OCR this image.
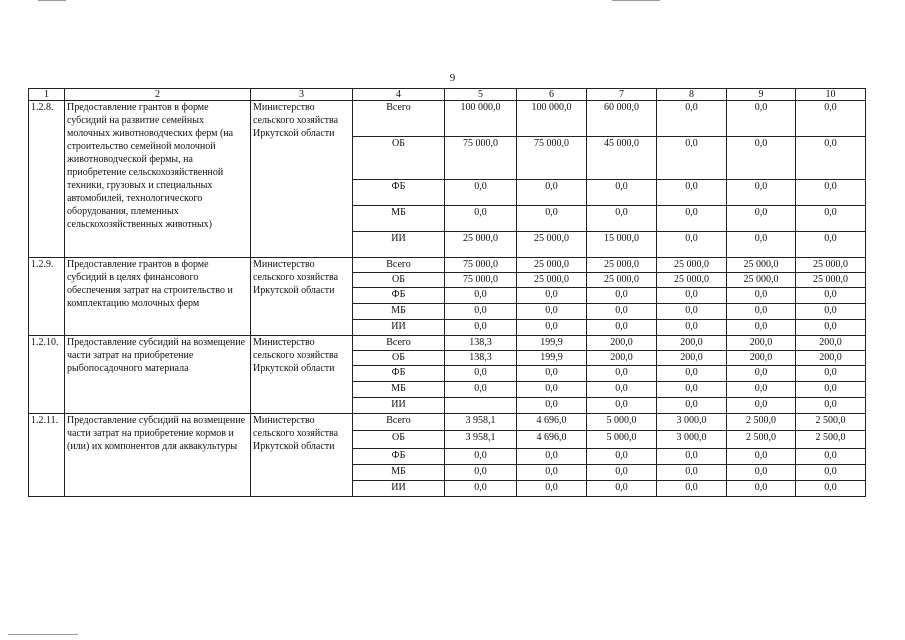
9
1	2	3	4	5	6	7	8	9	10
1.2.8.	Предоставление грантов в форме субсидий на развитие семейных молочных животноводческих ферм (на строительство семейной молочной животноводческой фермы, на приобретение сельскохозяйственной техники, грузовых и специальных автомобилей, технологического оборудования, племенных сельскохозяйственных животных)	Министерство сельского хозяйства Иркутской области	Всего	100 000,0	100 000,0	60 000,0	0,0	0,0	0,0
			ОБ	75 000,0	75 000,0	45 000,0	0,0	0,0	0,0
			ФБ	0,0	0,0	0,0	0,0	0,0	0,0
			МБ	0,0	0,0	0,0	0,0	0,0	0,0
			ИИ	25 000,0	25 000,0	15 000,0	0,0	0,0	0,0
1.2.9.	Предоставление грантов в форме субсидий в целях финансового обеспечения затрат на строительство и комплектацию молочных ферм	Министерство сельского хозяйства Иркутской области	Всего	75 000,0	25 000,0	25 000,0	25 000,0	25 000,0	25 000,0
			ОБ	75 000,0	25 000,0	25 000,0	25 000,0	25 000,0	25 000,0
			ФБ	0,0	0,0	0,0	0,0	0,0	0,0
			МБ	0,0	0,0	0,0	0,0	0,0	0,0
			ИИ	0,0	0,0	0,0	0,0	0,0	0,0
1.2.10.	Предоставление субсидий на возмещение части затрат на приобретение рыбопосадочного материала	Министерство сельского хозяйства Иркутской области	Всего	138,3	199,9	200,0	200,0	200,0	200,0
			ОБ	138,3	199,9	200,0	200,0	200,0	200,0
			ФБ	0,0	0,0	0,0	0,0	0,0	0,0
			МБ	0,0	0,0	0,0	0,0	0,0	0,0
			ИИ		0,0	0,0	0,0	0,0	0,0
1.2.11.	Предоставление субсидий на возмещение части затрат на приобретение кормов и (или) их компонентов для аквакультуры	Министерство сельского хозяйства Иркутской области	Всего	3 958,1	4 696,0	5 000,0	3 000,0	2 500,0	2 500,0
			ОБ	3 958,1	4 696,0	5 000,0	3 000,0	2 500,0	2 500,0
			ФБ	0,0	0,0	0,0	0,0	0,0	0,0
			МБ	0,0	0,0	0,0	0,0	0,0	0,0
			ИИ	0,0	0,0	0,0	0,0	0,0	0,0
